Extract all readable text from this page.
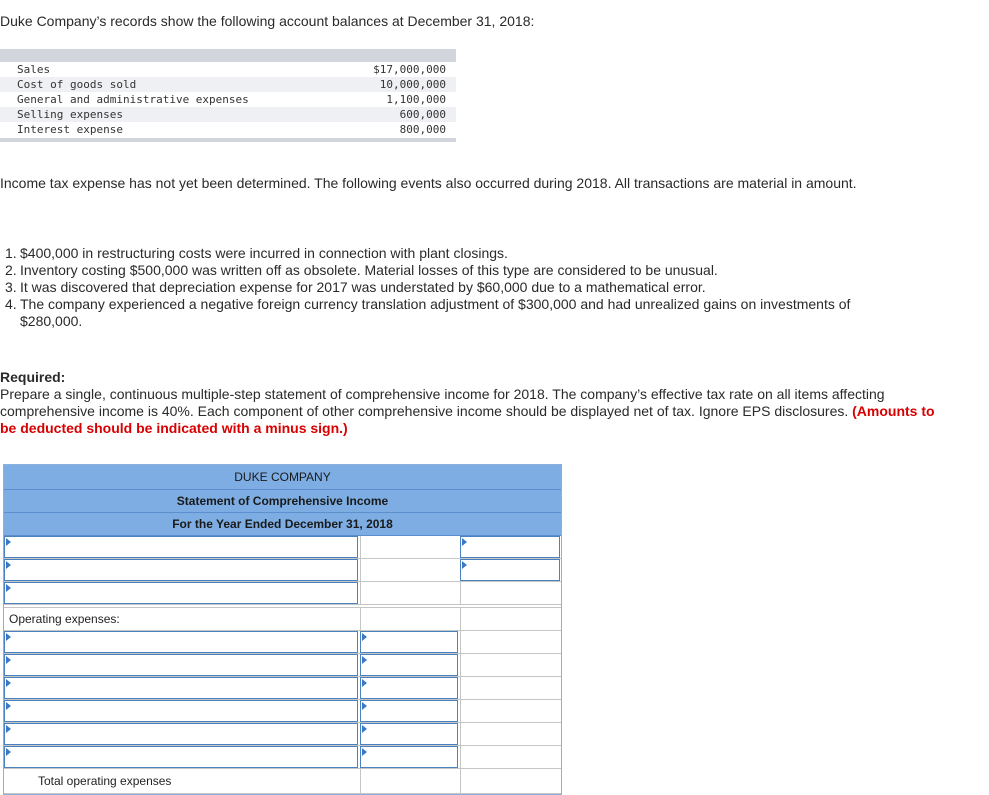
Duke Company’s records show the following account balances at December 31, 2018:
Sales	$17,000,000
Cost of goods sold	10,000,000
General and administrative expenses	1,100,000
Selling expenses	600,000
Interest expense	800,000
Income tax expense has not yet been determined. The following events also occurred during 2018. All transactions are material in amount.
1. $400,000 in restructuring costs were incurred in connection with plant closings.
2. Inventory costing $500,000 was written off as obsolete. Material losses of this type are considered to be unusual.
3. It was discovered that depreciation expense for 2017 was understated by $60,000 due to a mathematical error.
4. The company experienced a negative foreign currency translation adjustment of $300,000 and had unrealized gains on investments of $280,000.
Required:
Prepare a single, continuous multiple-step statement of comprehensive income for 2018. The company’s effective tax rate on all items affecting comprehensive income is 40%. Each component of other comprehensive income should be displayed net of tax. Ignore EPS disclosures. (Amounts to be deducted should be indicated with a minus sign.)
DUKE COMPANY
Statement of Comprehensive Income
For the Year Ended December 31, 2018
Operating expenses:
Total operating expenses
